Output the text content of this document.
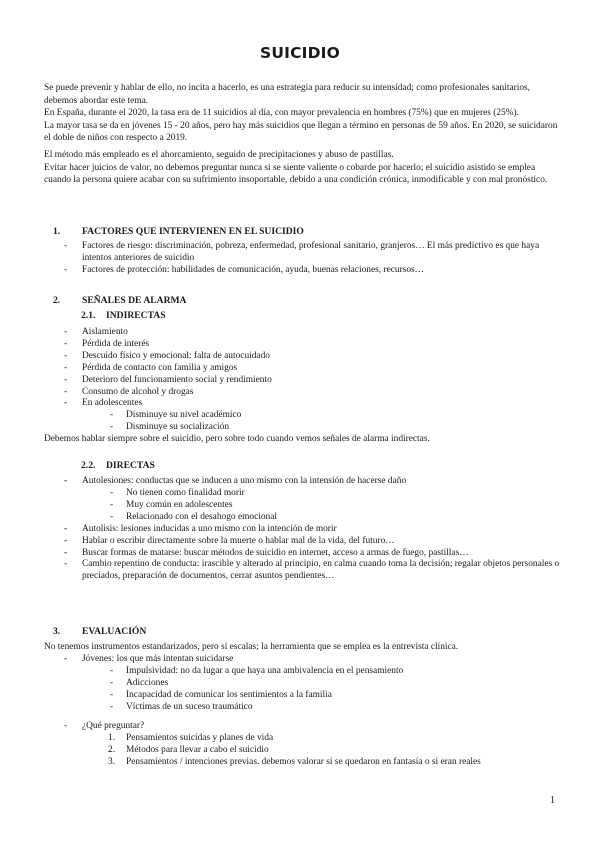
SUICIDIO

Se puede prevenir y hablar de ello, no incita a hacerlo, es una estrategia para reducir su intensidad; como profesionales sanitarios, debemos abordar este tema.

En España, durante el 2020, la tasa era de 11 suicidios al día, con mayor prevalencia en hombres (75%) que en mujeres (25%).

La mayor tasa se da en jóvenes 15 - 20 años, pero hay más suicidios que llegan a término en personas de 59 años. En 2020, se suicidaron el doble de niños con respecto a 2019.

El método más empleado es el ahorcamiento, seguido de precipitaciones y abuso de pastillas.

Evitar hacer juicios de valor, no debemos preguntar nunca si se siente valiente o cobarde por hacerlo; el suicidio asistido se emplea cuando la persona quiere acabar con su sufrimiento insoportable, debido a una condición crónica, inmodificable y con mal pronóstico.

1. FACTORES QUE INTERVIENEN EN EL SUICIDIO
- Factores de riesgo: discriminación, pobreza, enfermedad, profesional sanitario, granjeros… El más predictivo es que haya intentos anteriores de suicidio
- Factores de protección: habilidades de comunicación, ayuda, buenas relaciones, recursos…
2. SEÑALES DE ALARMA
2.1. INDIRECTAS
- Aislamiento
- Pérdida de interés
- Descuido físico y emocional: falta de autocuidado
- Pérdida de contacto con familia y amigos
- Deterioro del funcionamiento social y rendimiento
- Consumo de alcohol y drogas
- En adolescentes
- Disminuye su nivel académico
- Disminuye su socialización

Debemos hablar siempre sobre el suicidio, pero sobre todo cuando vemos señales de alarma indirectas.

2.2. DIRECTAS
- Autolesiones: conductas que se inducen a uno mismo con la intensión de hacerse daño
- No tienen como finalidad morir
- Muy común en adolescentes
- Relacionado con el desahogo emocional
- Autolisis: lesiones inducidas a uno mismo con la intención de morir
- Hablar o escribir directamente sobre la muerte o hablar mal de la vida, del futuro…
- Buscar formas de matarse: buscar métodos de suicidio en internet, acceso a armas de fuego, pastillas…
- Cambio repentino de conducta: irascible y alterado al principio, en calma cuando toma la decisión; regalar objetos personales o preciados, preparación de documentos, cerrar asuntos pendientes…
3. EVALUACIÓN

No tenemos instrumentos estandarizados, pero sí escalas; la herramienta que se emplea es la entrevista clínica.

- Jóvenes: los que más intentan suicidarse
- Impulsividad: no da lugar a que haya una ambivalencia en el pensamiento
- Adicciones
- Incapacidad de comunicar los sentimientos a la familia
- Víctimas de un suceso traumático
- ¿Qué preguntar?
1. Pensamientos suicidas y planes de vida
2. Métodos para llevar a cabo el suicidio
3. Pensamientos / intenciones previas. debemos valorar si se quedaron en fantasía o si eran reales
1
